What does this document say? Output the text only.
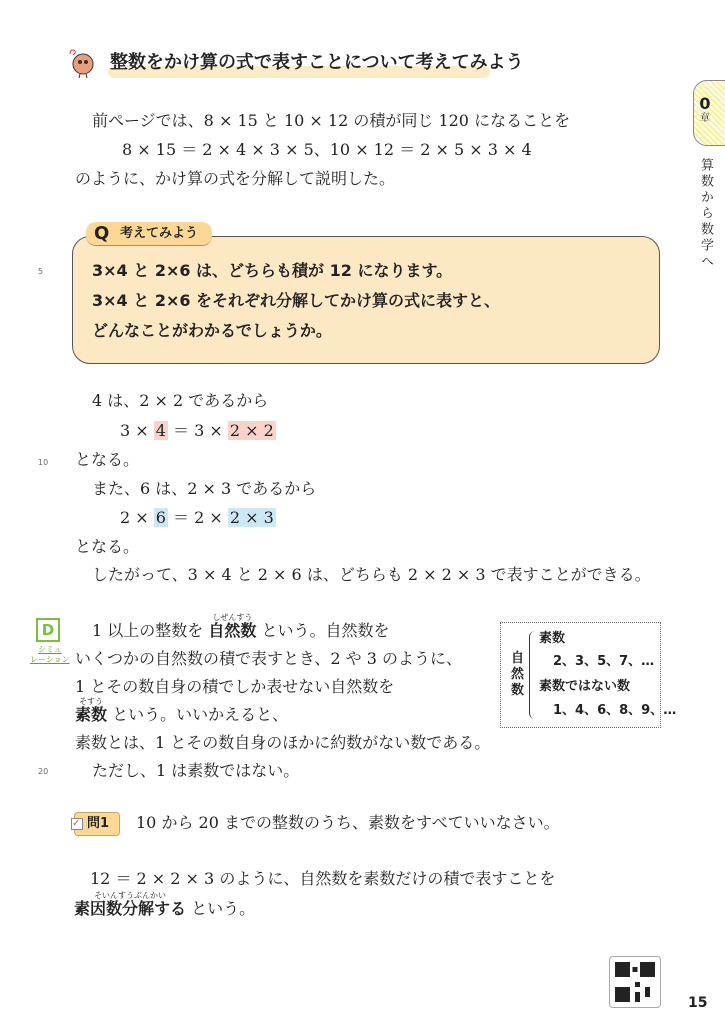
整数をかけ算の式で表すことについて考えてみよう
前ページでは、8 × 15 と 10 × 12 の積が同じ 120 になることを
8 × 15 ＝ 2 × 4 × 3 × 5、10 × 12 ＝ 2 × 5 × 3 × 4
のように、かけ算の式を分解して説明した。
Q 考えてみよう
3×4 と 2×6 は、どちらも積が 12 になります。
3×4 と 2×6 をそれぞれ分解してかけ算の式に表すと、
どんなことがわかるでしょうか。
5
4 は、2 × 2 であるから
3 × 4 ＝ 3 × 2 × 2
10 となる。
また、6 は、2 × 3 であるから
2 × 6 ＝ 2 × 2 × 3
となる。
したがって、3 × 4 と 2 × 6 は、どちらも 2 × 2 × 3 で表すことができる。
D
シミュ
レーション
1 以上の整数を
しぜんすう
自然数 という。自然数を
いくつかの自然数の積で表すとき、2 や 3 のように、
1 とその数自身の積でしか表せない自然数を
そすう
素数 という。いいかえると、
素数とは、1 とその数自身のほかに約数がない数である。
20	ただし、1 は素数ではない。
自然数
素数
2、3、5、7、…
素数ではない数
1、4、6、8、9、…
✓ 問1 10 から 20 までの整数のうち、素数をすべていいなさい。
12 ＝ 2 × 2 × 3 のように、自然数を素数だけの積で表すことを
そいんすうぶんかい
素因数分解する という。
0
章
算数から数学へ
15
